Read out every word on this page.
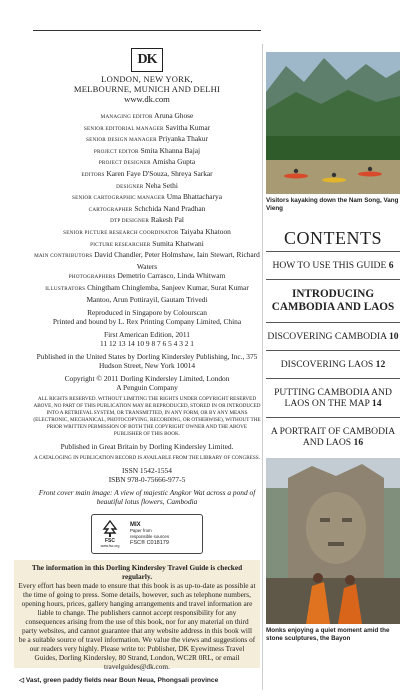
DK
LONDON, NEW YORK,
MELBOURNE, MUNICH AND DELHI
www.dk.com
MANAGING EDITOR Aruna Ghose
SENIOR EDITORIAL MANAGER Savitha Kumar
SENIOR DESIGN MANAGER Priyanka Thakur
PROJECT EDITOR Smita Khanna Bajaj
PROJECT DESIGNER Amisha Gupta
EDITORS Karen Faye D'Souza, Shreya Sarkar
DESIGNER Neha Sethi
SENIOR CARTOGRAPHIC MANAGER Uma Bhattacharya
CARTOGRAPHER Schchida Nand Pradhan
DTP DESIGNER Rakesh Pal
SENIOR PICTURE RESEARCH COORDINATOR Taiyaba Khatoon
PICTURE RESEARCHER Sumita Khatwani
MAIN CONTRIBUTORS David Chandler, Peter Holmshaw, Iain Stewart, Richard Waters
PHOTOGRAPHERS Demetrio Carrasco, Linda Whitwam
ILLUSTRATORS Chingtham Chinglemba, Sanjeev Kumar, Surat Kumar Mantoo, Arun Pottirayil, Gautam Trivedi
Reproduced in Singapore by Colourscan
Printed and bound by L. Rex Printing Company Limited, China
First American Edition, 2011
11 12 13 14 10 9 8 7 6 5 4 3 2 1
Published in the United States by Dorling Kindersley Publishing, Inc., 375 Hudson Street, New York 10014
Copyright © 2011 Dorling Kindersley Limited, London
A Penguin Company
ALL RIGHTS RESERVED. WITHOUT LIMITING THE RIGHTS UNDER COPYRIGHT RESERVED ABOVE, NO PART OF THIS PUBLICATION MAY BE REPRODUCED, STORED IN OR INTRODUCED INTO A RETRIEVAL SYSTEM, OR TRANSMITTED, IN ANY FORM, OR BY ANY MEANS (ELECTRONIC, MECHANICAL, PHOTOCOPYING, RECORDING, OR OTHERWISE), WITHOUT THE PRIOR WRITTEN PERMISSION OF BOTH THE COPYRIGHT OWNER AND THE ABOVE PUBLISHER OF THIS BOOK.
Published in Great Britain by Dorling Kindersley Limited.
A CATALOGING IN PUBLICATION RECORD IS AVAILABLE FROM THE LIBRARY OF CONGRESS.
ISSN 1542-1554
ISBN 978-0-75666-977-5
Front cover main image: A view of majestic Angkor Wat across a pond of beautiful lotus flowers, Cambodia
FSC
www.fsc.org
MIX
Paper from
responsible sources
FSC® C018179
The information in this Dorling Kindersley Travel Guide is checked regularly.
Every effort has been made to ensure that this book is as up-to-date as possible at the time of going to press. Some details, however, such as telephone numbers, opening hours, prices, gallery hanging arrangements and travel information are liable to change. The publishers cannot accept responsibility for any consequences arising from the use of this book, nor for any material on third party websites, and cannot guarantee that any website address in this book will be a suitable source of travel information. We value the views and suggestions of our readers very highly. Please write to: Publisher, DK Eyewitness Travel Guides, Dorling Kindersley, 80 Strand, London, WC2R 0RL, or email travelguides@dk.com.
◁ Vast, green paddy fields near Boun Neua, Phongsali province
Visitors kayaking down the Nam Song, Vang Vieng
CONTENTS
HOW TO USE THIS GUIDE 6
INTRODUCING CAMBODIA AND LAOS
DISCOVERING CAMBODIA 10
DISCOVERING LAOS 12
PUTTING CAMBODIA AND LAOS ON THE MAP 14
A PORTRAIT OF CAMBODIA AND LAOS 16
Monks enjoying a quiet moment amid the stone sculptures, the Bayon
